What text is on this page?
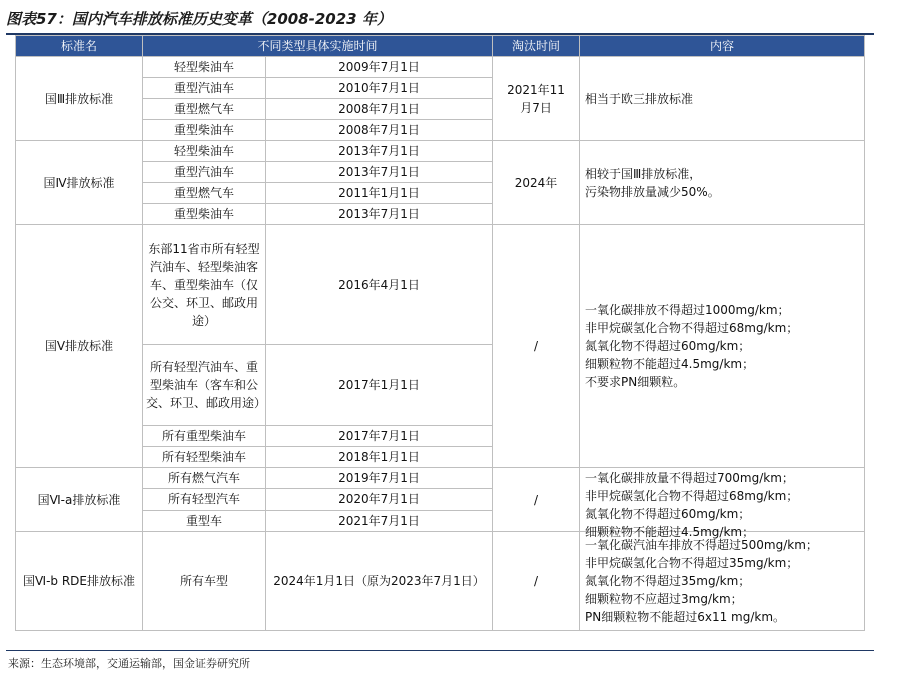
图表57：国内汽车排放标准历史变革（2008-2023 年）
标准名	不同类型具体实施时间		淘汰时间	内容
国Ⅲ排放标准	轻型柴油车	2009年7月1日	2021年11月7日	相当于欧三排放标准
	重型汽油车	2010年7月1日		
	重型燃气车	2008年7月1日		
	重型柴油车	2008年7月1日		
国Ⅳ排放标准	轻型柴油车	2013年7月1日	2024年	相较于国Ⅲ排放标准，
污染物排放量减少50%。

	重型汽油车	2013年7月1日		
	重型燃气车	2011年1月1日		
	重型柴油车	2013年7月1日		
国Ⅴ排放标准	东部11省市所有轻型汽油车、轻型柴油客车、重型柴油车（仅公交、环卫、邮政用途）	2016年4月1日	/	一氧化碳排放不得超过1000mg/km；
非甲烷碳氢化合物不得超过68mg/km；
氮氧化物不得超过60mg/km；
细颗粒物不能超过4.5mg/km；
不要求PN细颗粒。

	所有轻型汽油车、重型柴油车（客车和公交、环卫、邮政用途）	2017年1月1日		
	所有重型柴油车	2017年7月1日		
	所有轻型柴油车	2018年1月1日		
国Ⅵ-a排放标准	所有燃气汽车	2019年7月1日	/	一氧化碳排放量不得超过700mg/km；
非甲烷碳氢化合物不得超过68mg/km；
氮氧化物不得超过60mg/km；
细颗粒物不能超过4.5mg/km；

	所有轻型汽车	2020年7月1日		
	重型车	2021年7月1日		
国Ⅵ-b RDE排放标准	所有车型	2024年1月1日（原为2023年7月1日）	/	一氧化碳汽油车排放不得超过500mg/km；
非甲烷碳氢化合物不得超过35mg/km；
氮氧化物不得超过35mg/km；
细颗粒物不应超过3mg/km；
PN细颗粒物不能超过6x11 mg/km。
来源：生态环境部，交通运输部，国金证券研究所
